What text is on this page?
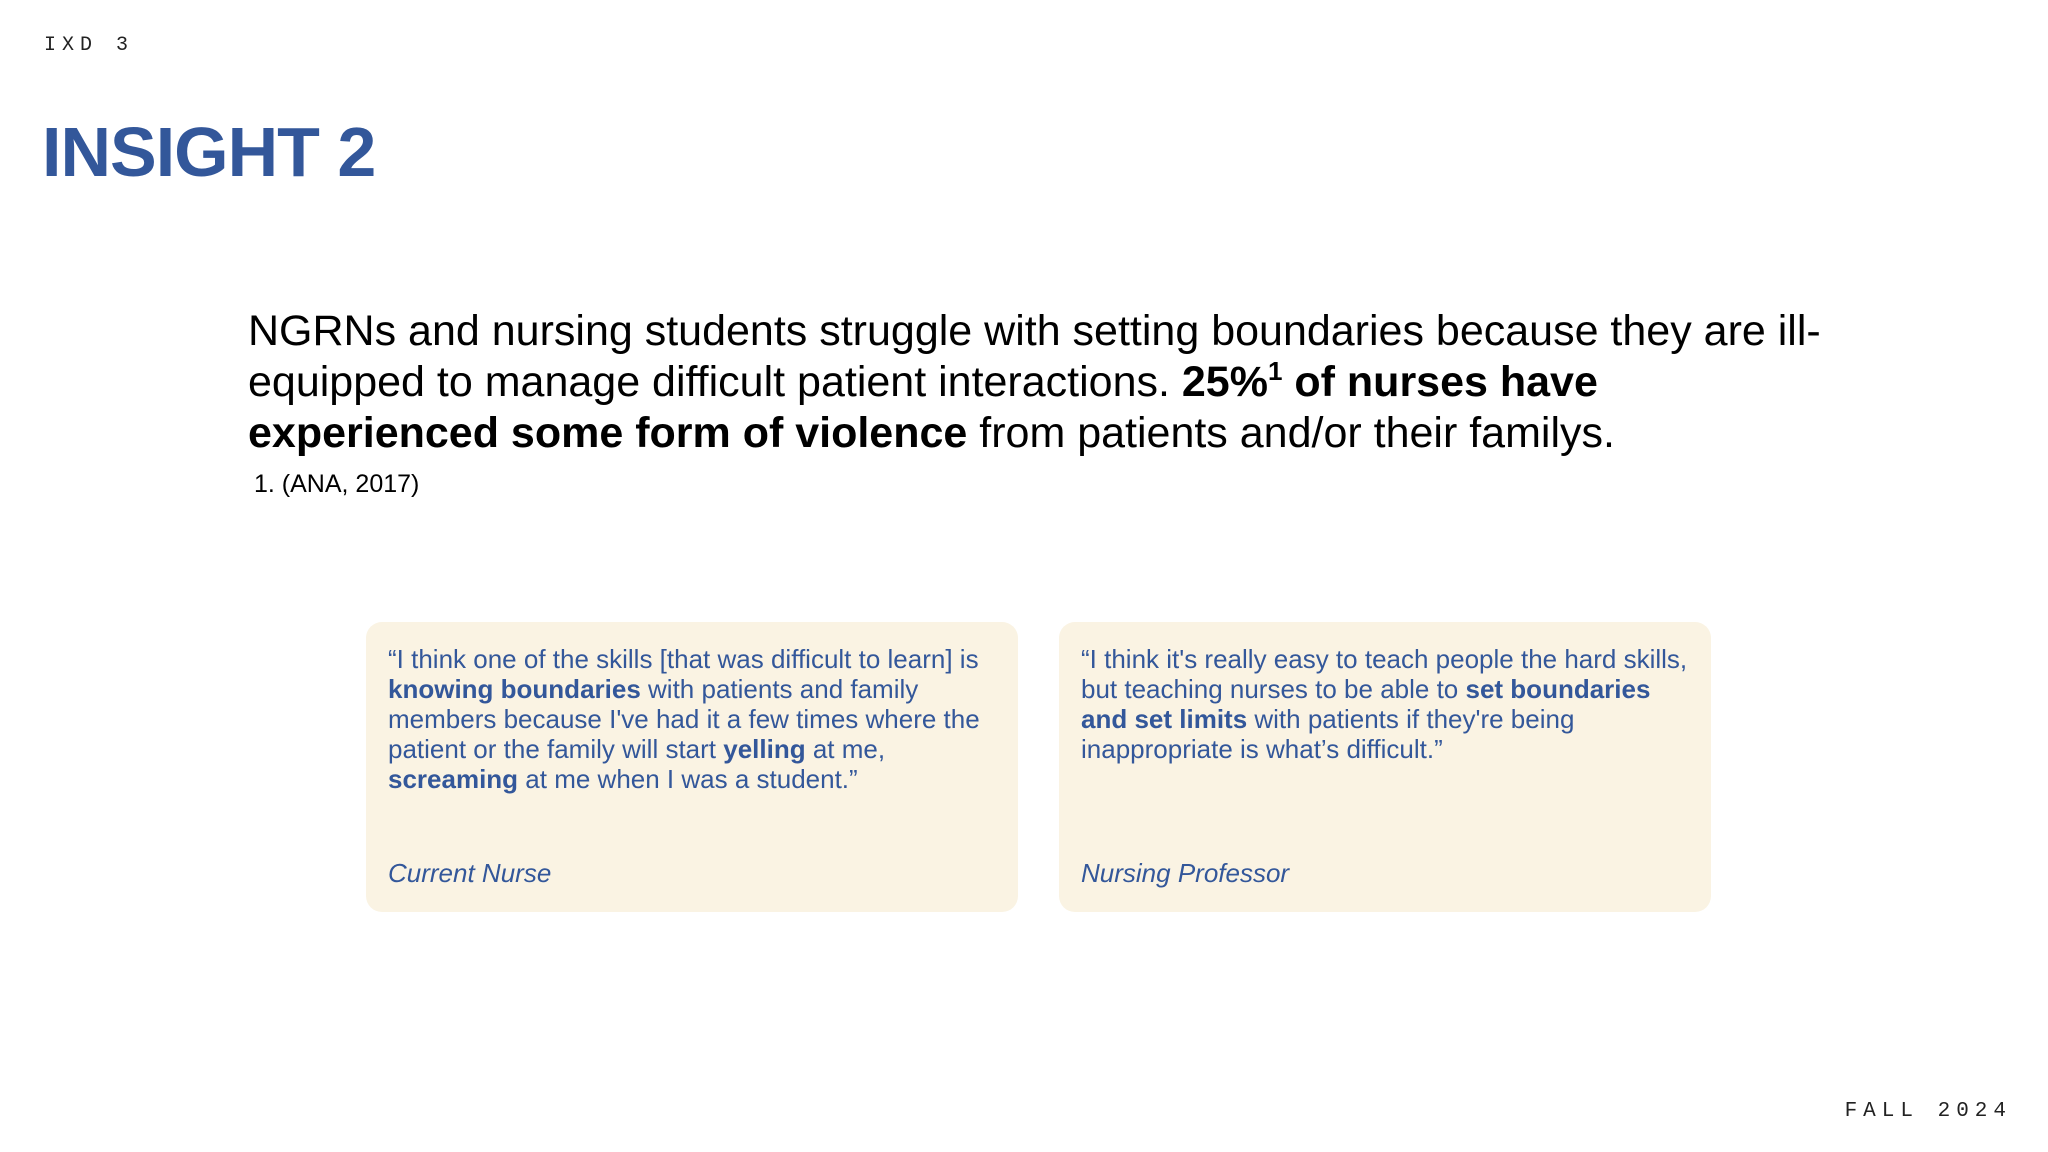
IXD 3
INSIGHT 2

NGRNs and nursing students struggle with setting boundaries because they are ill-equipped to manage difficult patient interactions. 25%$^1$ of nurses have experienced some form of violence from patients and/or their familys.

1. (ANA, 2017)

“I think one of the skills [that was difficult to learn] is knowing boundaries with patients and family members because I've had it a few times where the patient or the family will start yelling at me, screaming at me when I was a student.”

Current Nurse

“I think it's really easy to teach people the hard skills, but teaching nurses to be able to set boundaries and set limits with patients if they're being inappropriate is what’s difficult.”

Nursing Professor
FALL 2024
